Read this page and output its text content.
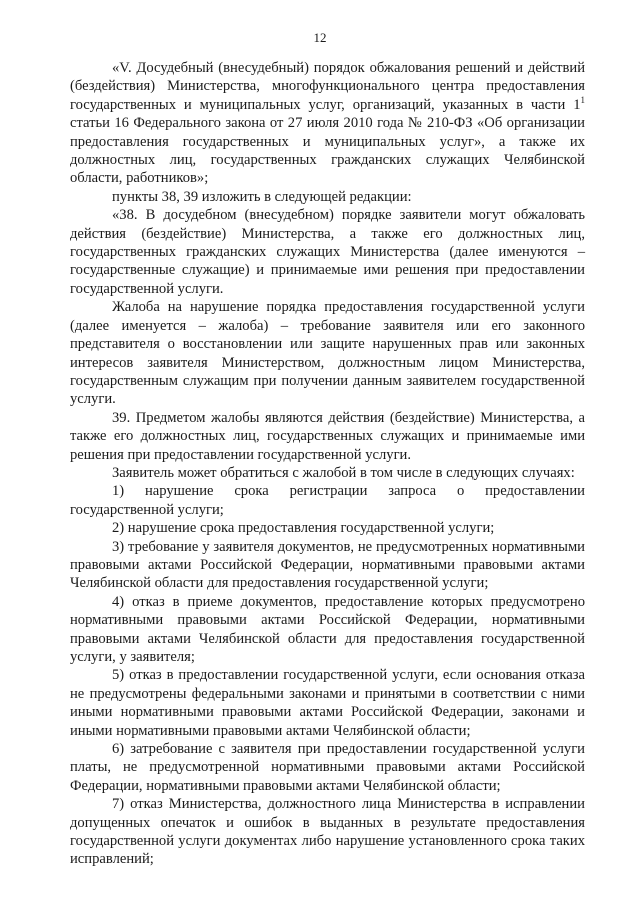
12

«V. Досудебный (внесудебный) порядок обжалования решений и действий (бездействия) Министерства, многофункционального центра предоставления государственных и муниципальных услуг, организаций, указанных в части $1^1$ статьи 16 Федерального закона от 27 июля 2010 года № 210-ФЗ «Об организации предоставления государственных и муниципальных услуг», а также их должностных лиц, государственных гражданских служащих Челябинской области, работников»;

пункты 38, 39 изложить в следующей редакции:

«38. В досудебном (внесудебном) порядке заявители могут обжаловать действия (бездействие) Министерства, а также его должностных лиц, государственных гражданских служащих Министерства (далее именуются – государственные служащие) и принимаемые ими решения при предоставлении государственной услуги.

Жалоба на нарушение порядка предоставления государственной услуги (далее именуется – жалоба) – требование заявителя или его законного представителя о восстановлении или защите нарушенных прав или законных интересов заявителя Министерством, должностным лицом Министерства, государственным служащим при получении данным заявителем государственной услуги.

39. Предметом жалобы являются действия (бездействие) Министерства, а также его должностных лиц, государственных служащих и принимаемые ими решения при предоставлении государственной услуги.

Заявитель может обратиться с жалобой в том числе в следующих случаях:

1) нарушение срока регистрации запроса о предоставлении государственной услуги;

2) нарушение срока предоставления государственной услуги;

3) требование у заявителя документов, не предусмотренных нормативными правовыми актами Российской Федерации, нормативными правовыми актами Челябинской области для предоставления государственной услуги;

4) отказ в приеме документов, предоставление которых предусмотрено нормативными правовыми актами Российской Федерации, нормативными правовыми актами Челябинской области для предоставления государственной услуги, у заявителя;

5) отказ в предоставлении государственной услуги, если основания отказа не предусмотрены федеральными законами и принятыми в соответствии с ними иными нормативными правовыми актами Российской Федерации, законами и иными нормативными правовыми актами Челябинской области;

6) затребование с заявителя при предоставлении государственной услуги платы, не предусмотренной нормативными правовыми актами Российской Федерации, нормативными правовыми актами Челябинской области;

7) отказ Министерства, должностного лица Министерства в исправлении допущенных опечаток и ошибок в выданных в результате предоставления государственной услуги документах либо нарушение установленного срока таких исправлений;
